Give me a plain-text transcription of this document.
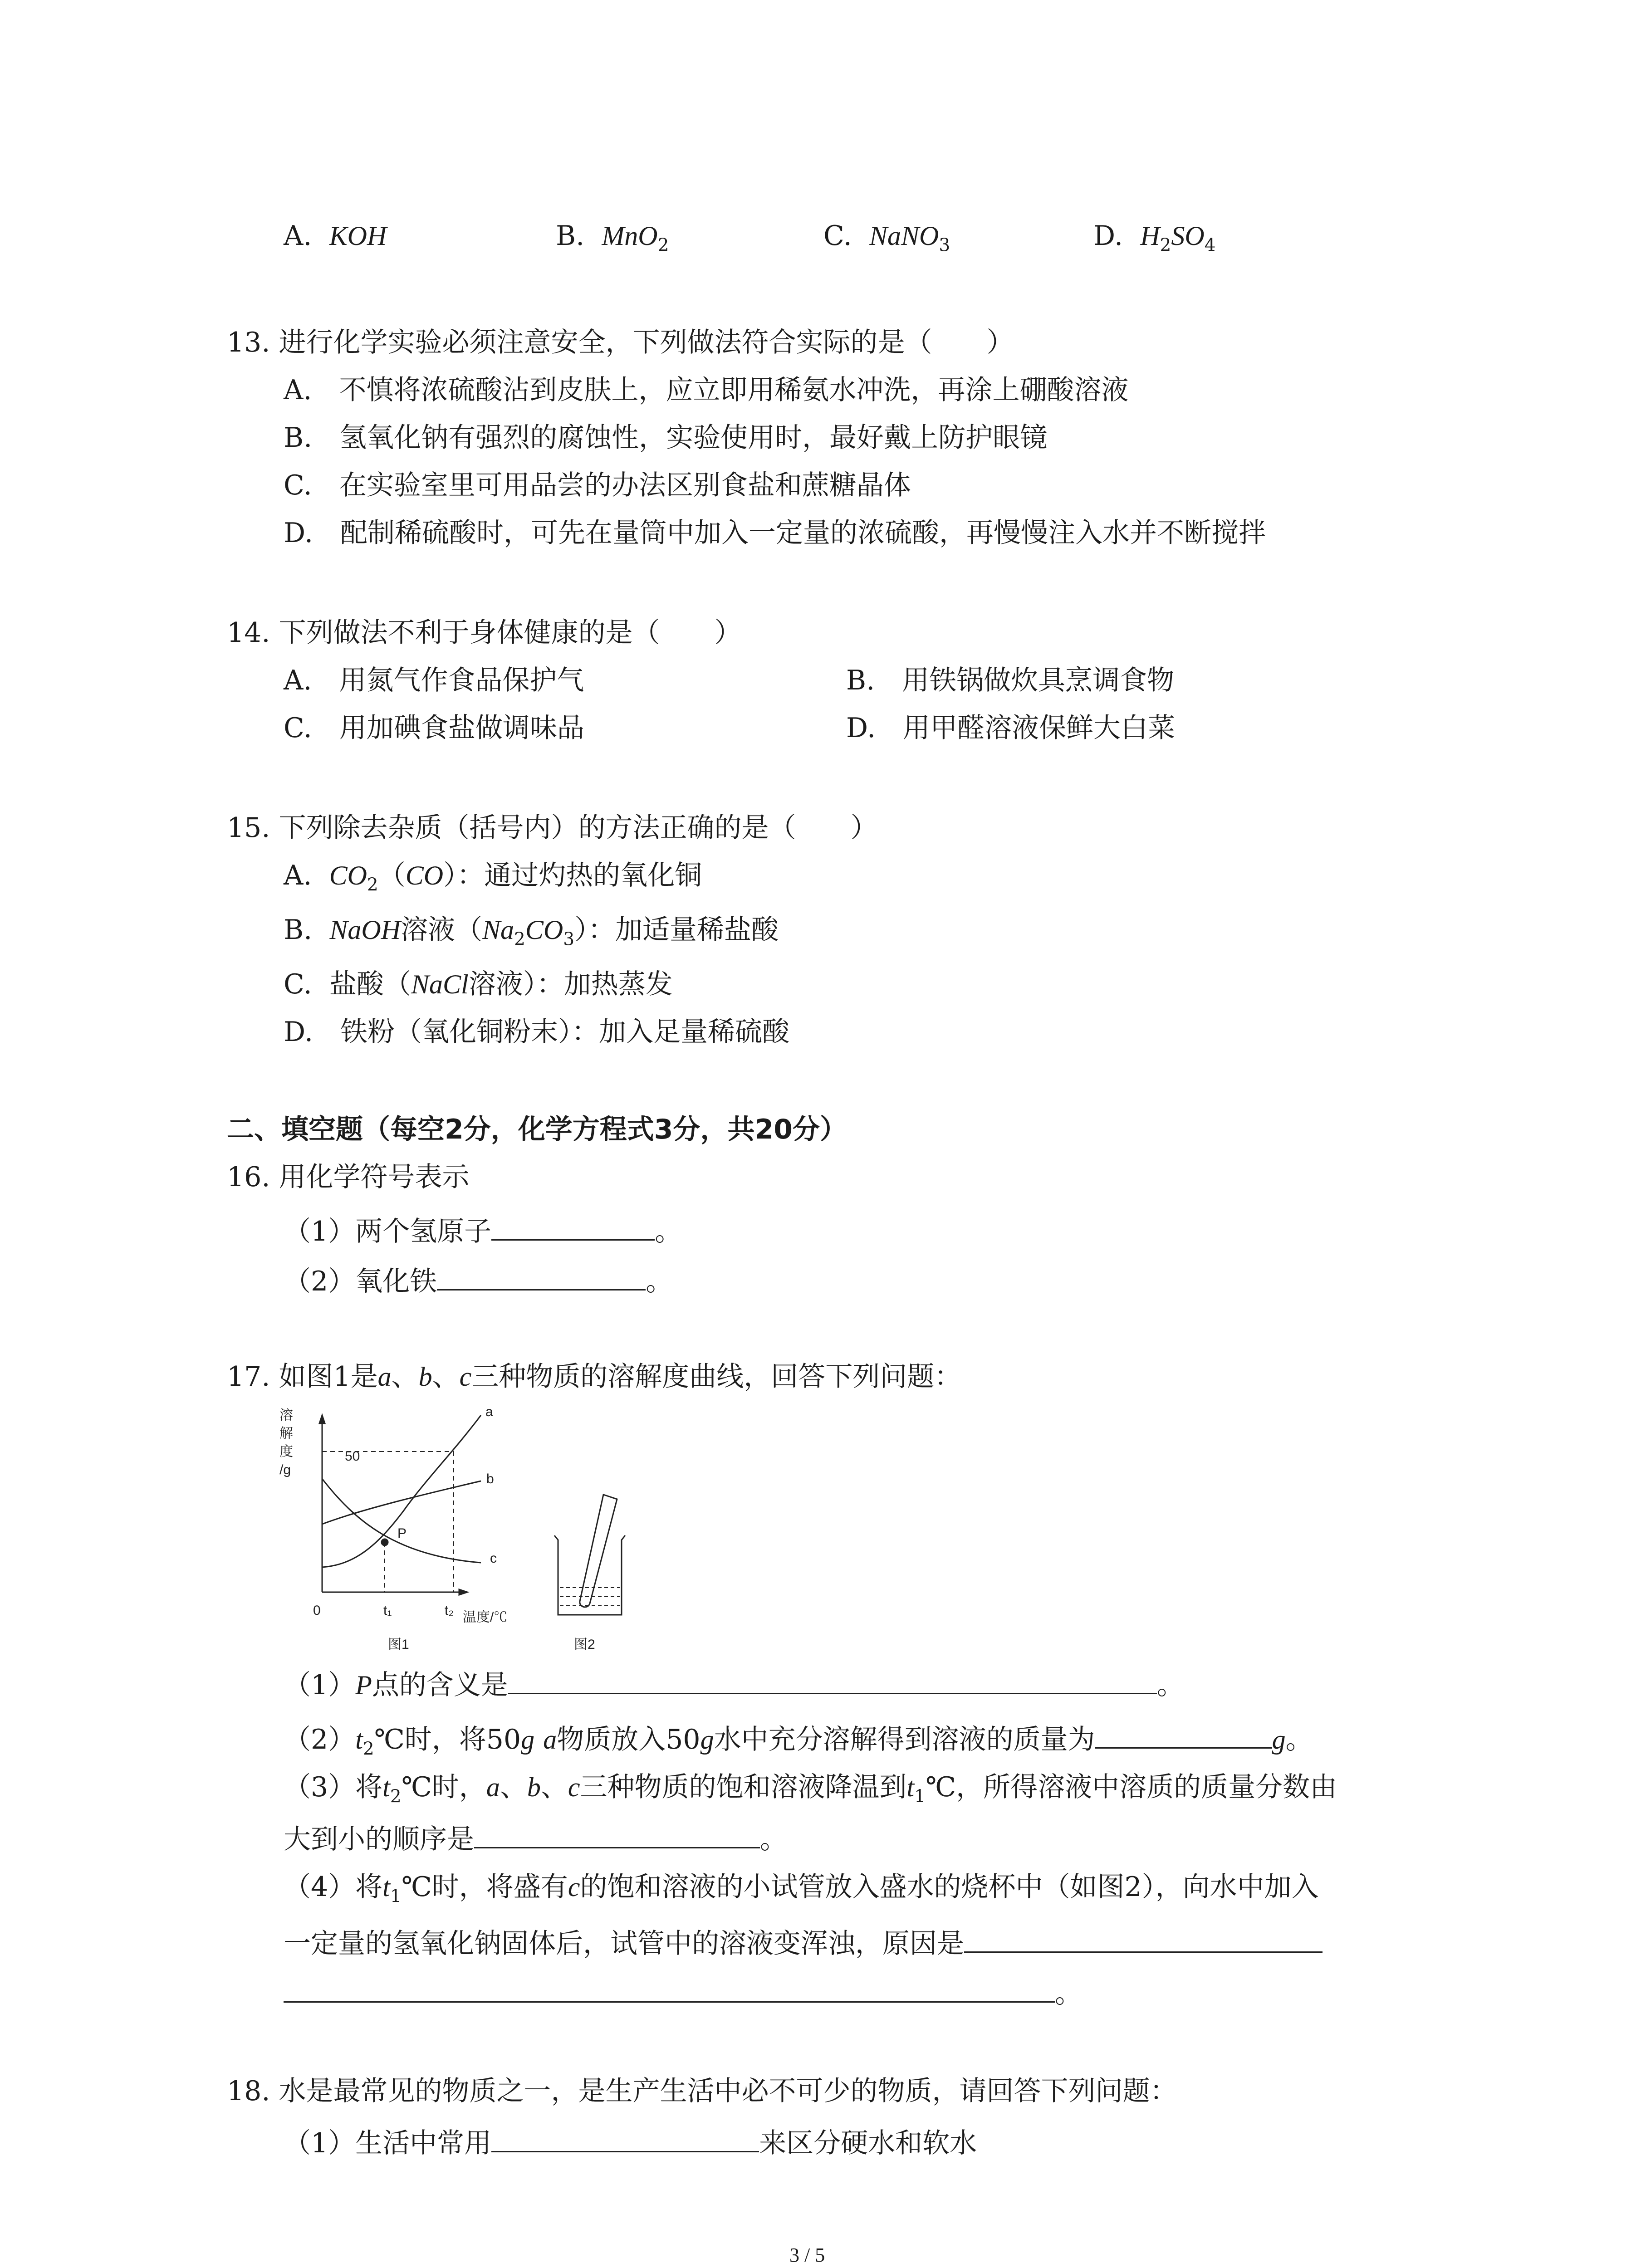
A. KOH	B. MnO$_2$	C. NaNO$_3$	D. $H_2SO_4$
13. 进行化学实验必须注意安全，下列做法符合实际的是（　　）
A.　不慎将浓硫酸沾到皮肤上，应立即用稀氨水冲洗，再涂上硼酸溶液
B.　氢氧化钠有强烈的腐蚀性，实验使用时，最好戴上防护眼镜
C.　在实验室里可用品尝的办法区别食盐和蔗糖晶体
D.　配制稀硫酸时，可先在量筒中加入一定量的浓硫酸，再慢慢注入水并不断搅拌
14. 下列做法不利于身体健康的是（　　）
A.　用氮气作食品保护气	B.　用铁锅做炊具烹调食物
C.　用加碘食盐做调味品	D.　用甲醛溶液保鲜大白菜
15. 下列除去杂质（括号内）的方法正确的是（　　）
A. $CO_2(CO)$：通过灼热的氧化铜
B. NaOH溶液$(Na_2CO_3)$：加适量稀盐酸
C. 盐酸（NaCl溶液）：加热蒸发
D.　铁粉（氧化铜粉末）：加入足量稀硫酸
二、填空题（每空2分，化学方程式3分，共20分）
16. 用化学符号表示
（1）两个氢原子	。
（2）氧化铁	。
17. 如图1是a、b、c三种物质的溶解度曲线，回答下列问题：
溶
解
度
/g
50
0	t₁	t₂ 温度/℃
a
b
c
P
图1	图2
（1）P点的含义是	。
$(2)t_2℃$时，将50g a物质放入50g水中充分溶解得到溶液的质量为	g。
（3）将$t_2℃$时，a、b、c三种物质的饱和溶液降温到$t_1℃$，所得溶液中溶质的质量分数由
大到小的顺序是	。
（4）将$t_1℃$时，将盛有c的饱和溶液的小试管放入盛水的烧杯中（如图2），向水中加入
一定量的氢氧化钠固体后，试管中的溶液变浑浊，原因是
。
18. 水是最常见的物质之一，是生产生活中必不可少的物质，请回答下列问题：
（1）生活中常用	来区分硬水和软水
3 / 5
